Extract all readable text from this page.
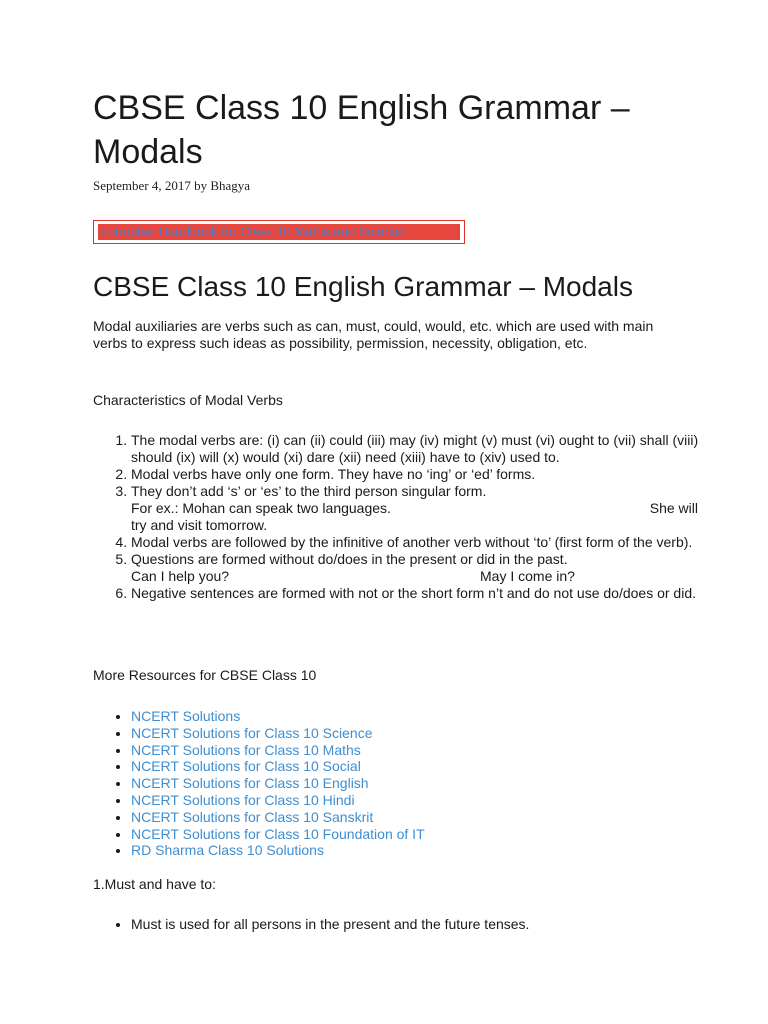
CBSE Class 10 English Grammar – Modals

September 4, 2017 by Bhagya

Formulae Handbook for Class 10 Maths and Science
CBSE Class 10 English Grammar – Modals

Modal auxiliaries are verbs such as can, must, could, would, etc. which are used with main verbs to express such ideas as possibility, permission, necessity, obligation, etc.

Characteristics of Modal Verbs

1. The modal verbs are: (i) can (ii) could (iii) may (iv) might (v) must (vi) ought to (vii) shall (viii) should (ix) will (x) would (xi) dare (xii) need (xiii) have to (xiv) used to.
2. Modal verbs have only one form. They have no ‘ing’ or ‘ed’ forms.
3. They don’t add ‘s’ or ‘es’ to the third person singular form.
For ex.: Mohan can speak two languages.	She will
try and visit tomorrow.
4. Modal verbs are followed by the infinitive of another verb without ‘to’ (first form of the verb).
5. Questions are formed without do/does in the present or did in the past.
Can I help you?	May I come in?
6. Negative sentences are formed with not or the short form n’t and do not use do/does or did.

More Resources for CBSE Class 10

• NCERT Solutions
• NCERT Solutions for Class 10 Science
• NCERT Solutions for Class 10 Maths
• NCERT Solutions for Class 10 Social
• NCERT Solutions for Class 10 English
• NCERT Solutions for Class 10 Hindi
• NCERT Solutions for Class 10 Sanskrit
• NCERT Solutions for Class 10 Foundation of IT
• RD Sharma Class 10 Solutions

1.Must and have to:

• Must is used for all persons in the present and the future tenses.
